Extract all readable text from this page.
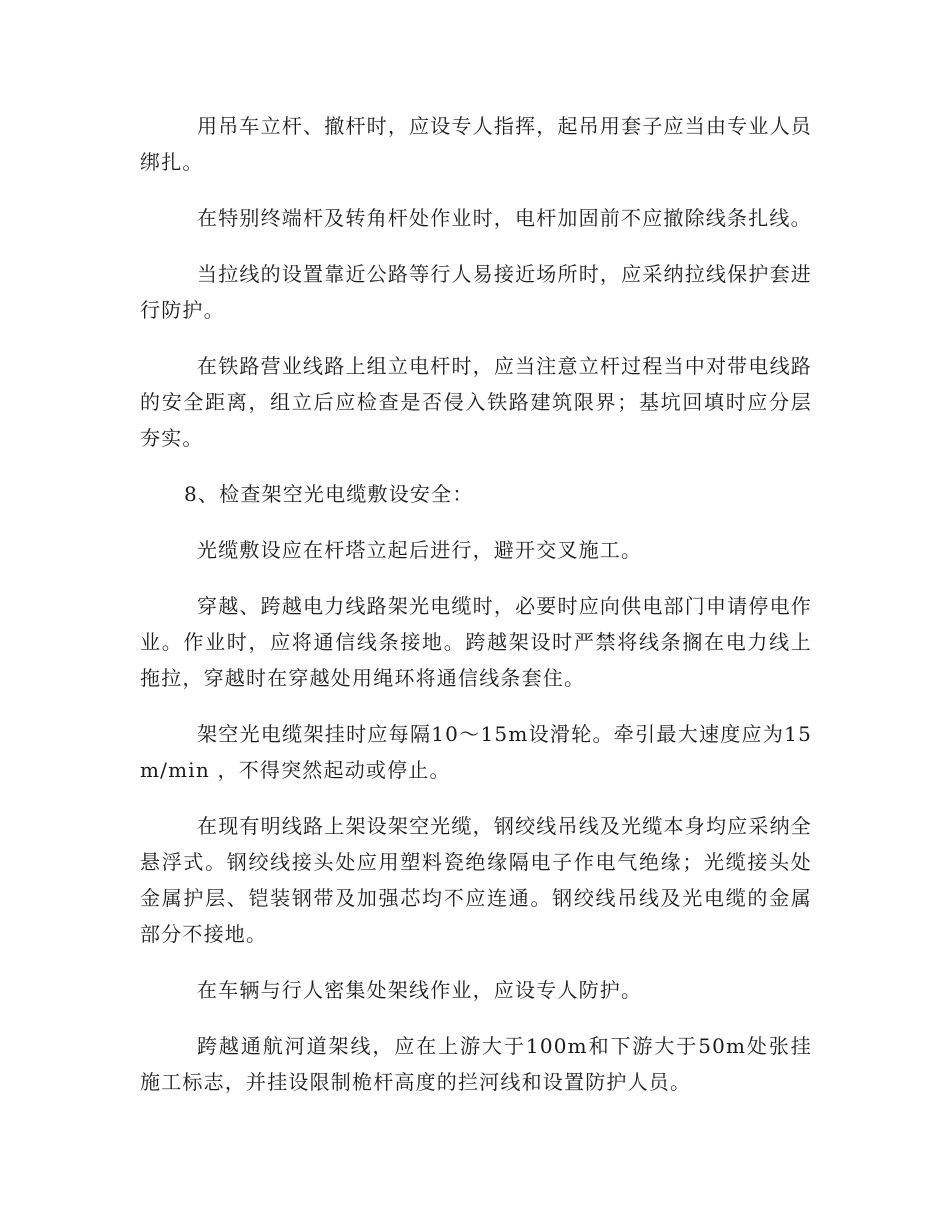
用吊车立杆、撤杆时，应设专人指挥，起吊用套子应当由专业人员绑扎。

在特别终端杆及转角杆处作业时，电杆加固前不应撤除线条扎线。

当拉线的设置靠近公路等行人易接近场所时，应采纳拉线保护套进行防护。

在铁路营业线路上组立电杆时，应当注意立杆过程当中对带电线路的安全距离，组立后应检查是否侵入铁路建筑限界；基坑回填时应分层夯实。

8、检查架空光电缆敷设安全：

光缆敷设应在杆塔立起后进行，避开交叉施工。

穿越、跨越电力线路架光电缆时，必要时应向供电部门申请停电作业。作业时，应将通信线条接地。跨越架设时严禁将线条搁在电力线上拖拉，穿越时在穿越处用绳环将通信线条套住。

架空光电缆架挂时应每隔10～15m设滑轮。牵引最大速度应为15m/min ，不得突然起动或停止。

在现有明线路上架设架空光缆，钢绞线吊线及光缆本身均应采纳全悬浮式。钢绞线接头处应用塑料瓷绝缘隔电子作电气绝缘；光缆接头处金属护层、铠装钢带及加强芯均不应连通。钢绞线吊线及光电缆的金属部分不接地。

在车辆与行人密集处架线作业，应设专人防护。

跨越通航河道架线，应在上游大于100m和下游大于50m处张挂施工标志，并挂设限制桅杆高度的拦河线和设置防护人员。
